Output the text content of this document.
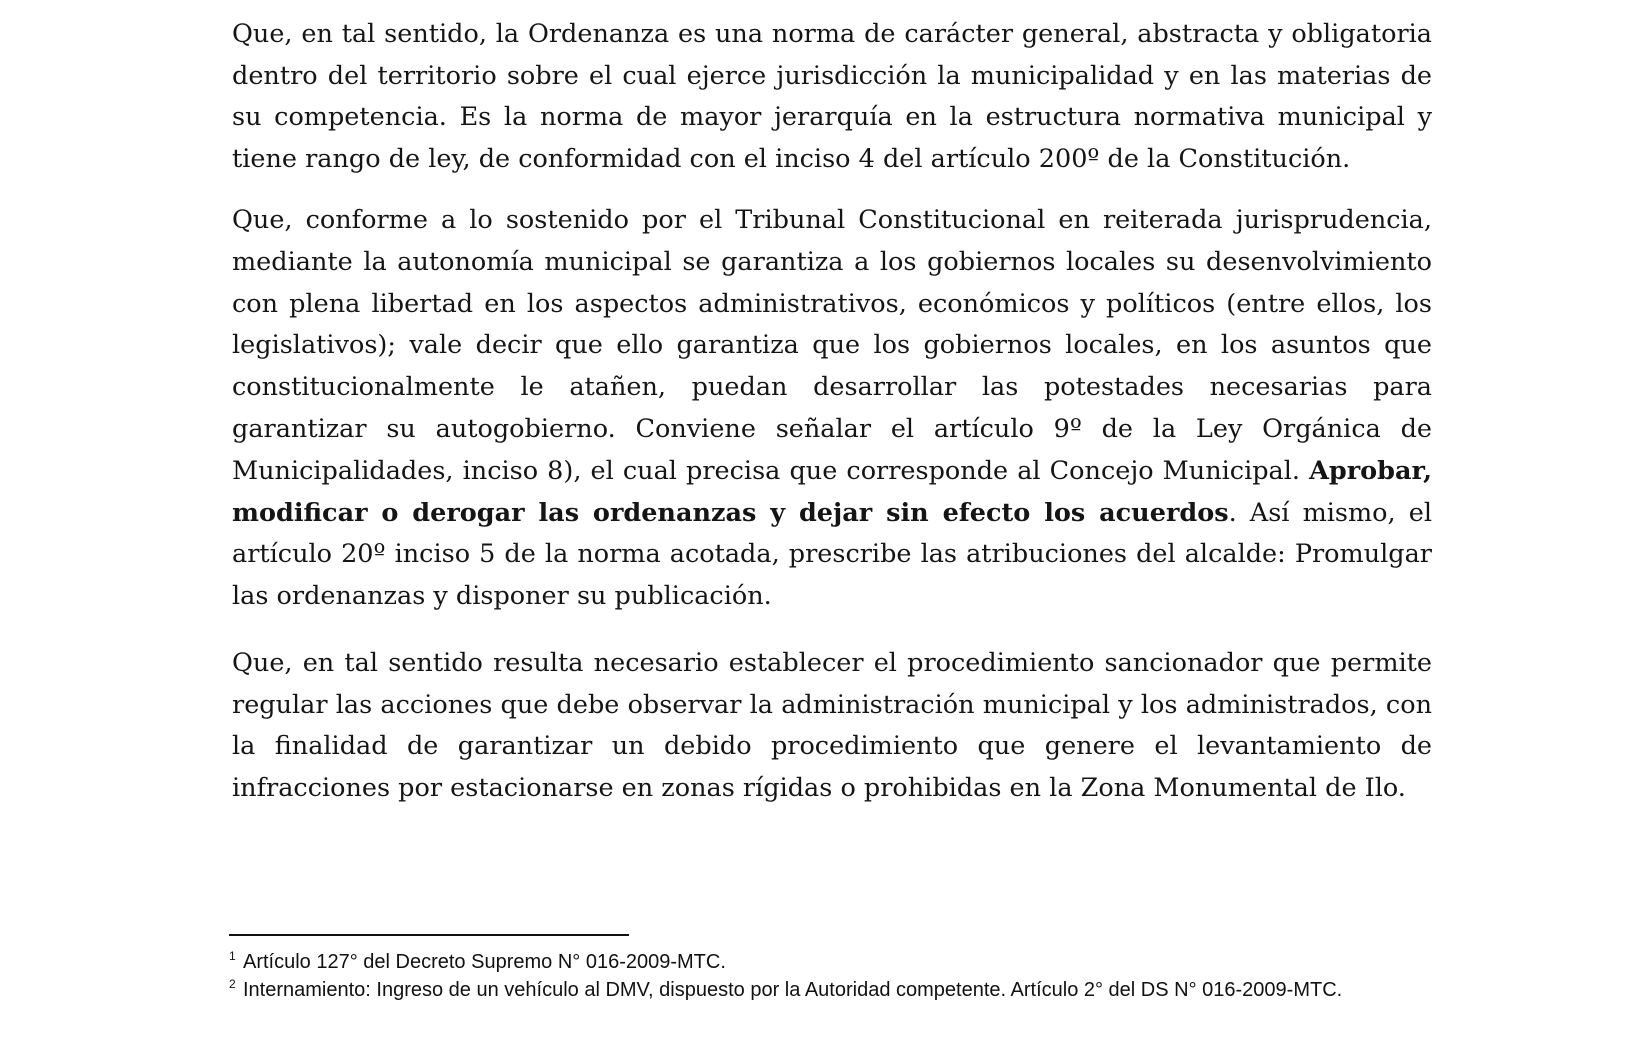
Que, en tal sentido, la Ordenanza es una norma de carácter general, abstracta y obligatoria dentro del territorio sobre el cual ejerce jurisdicción la municipalidad y en las materias de su competencia. Es la norma de mayor jerarquía en la estructura normativa municipal y tiene rango de ley, de conformidad con el inciso 4 del artículo 200º de la Constitución.

Que, conforme a lo sostenido por el Tribunal Constitucional en reiterada jurisprudencia, mediante la autonomía municipal se garantiza a los gobiernos locales su desenvolvimiento con plena libertad en los aspectos administrativos, económicos y políticos (entre ellos, los legislativos); vale decir que ello garantiza que los gobiernos locales, en los asuntos que constitucionalmente le atañen, puedan desarrollar las potestades necesarias para garantizar su autogobierno. Conviene señalar el artículo 9º de la Ley Orgánica de Municipalidades, inciso 8), el cual precisa que corresponde al Concejo Municipal. Aprobar, modificar o derogar las ordenanzas y dejar sin efecto los acuerdos. Así mismo, el artículo 20º inciso 5 de la norma acotada, prescribe las atribuciones del alcalde: Promulgar las ordenanzas y disponer su publicación.

Que, en tal sentido resulta necesario establecer el procedimiento sancionador que permite regular las acciones que debe observar la administración municipal y los administrados, con la finalidad de garantizar un debido procedimiento que genere el levantamiento de infracciones por estacionarse en zonas rígidas o prohibidas en la Zona Monumental de Ilo.

1 Artículo 127° del Decreto Supremo N° 016-2009-MTC.

2 Internamiento: Ingreso de un vehículo al DMV, dispuesto por la Autoridad competente. Artículo 2° del DS N° 016-2009-MTC.
